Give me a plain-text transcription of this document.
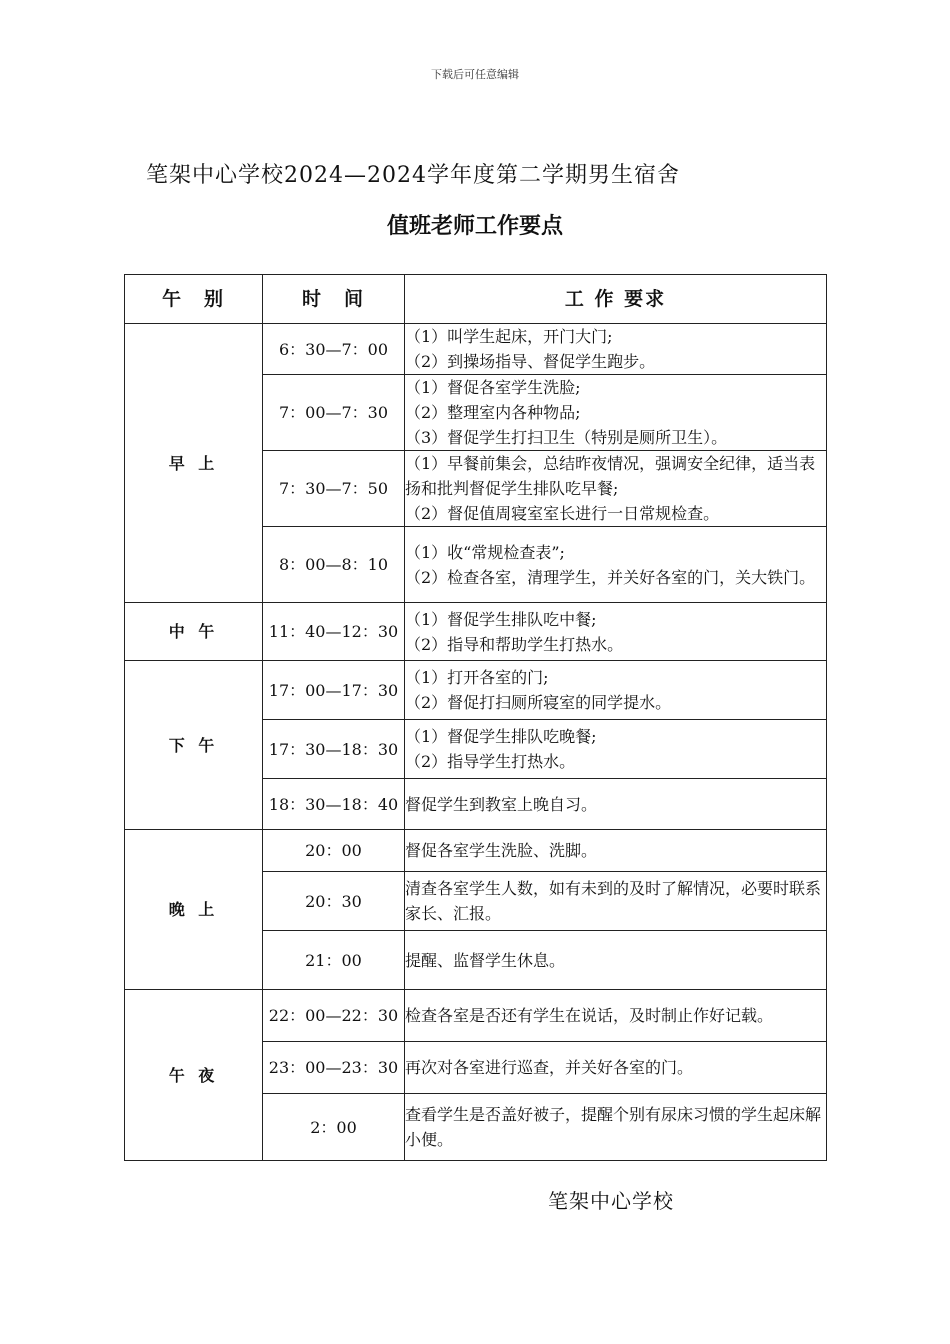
下载后可任意编辑
笔架中心学校2024—2024学年度第二学期男生宿舍
值班老师工作要点
午　别	时　间	工 作 要求
早 上	6：30—7：00	（1）叫学生起床，开门大门;
（2）到操场指导、督促学生跑步。

	7：00—7：30	（1）督促各室学生洗脸;
（2）整理室内各种物品;
（3）督促学生打扫卫生（特别是厕所卫生）。

	7：30—7：50	（1）早餐前集会，总结昨夜情况，强调安全纪律，适当表扬和批判督促学生排队吃早餐;
（2）督促值周寝室室长进行一日常规检查。

	8：00—8：10	（1）收“常规检查表”;
（2）检查各室，清理学生，并关好各室的门，关大铁门。

中 午	11：40—12：30	（1）督促学生排队吃中餐;
（2）指导和帮助学生打热水。

下 午	17：00—17：30	（1）打开各室的门;
（2）督促打扫厕所寝室的同学提水。

	17：30—18：30	（1）督促学生排队吃晚餐;
（2）指导学生打热水。

	18：30—18：40	督促学生到教室上晚自习。

晚 上	20：00	督促各室学生洗脸、洗脚。

	20：30	清查各室学生人数，如有未到的及时了解情况，必要时联系家长、汇报。

	21：00	提醒、监督学生休息。

午 夜	22：00—22：30	检查各室是否还有学生在说话，及时制止作好记载。

	23：00—23：30	再次对各室进行巡查，并关好各室的门。

	2：00	查看学生是否盖好被子，提醒个别有尿床习惯的学生起床解小便。
笔架中心学校
